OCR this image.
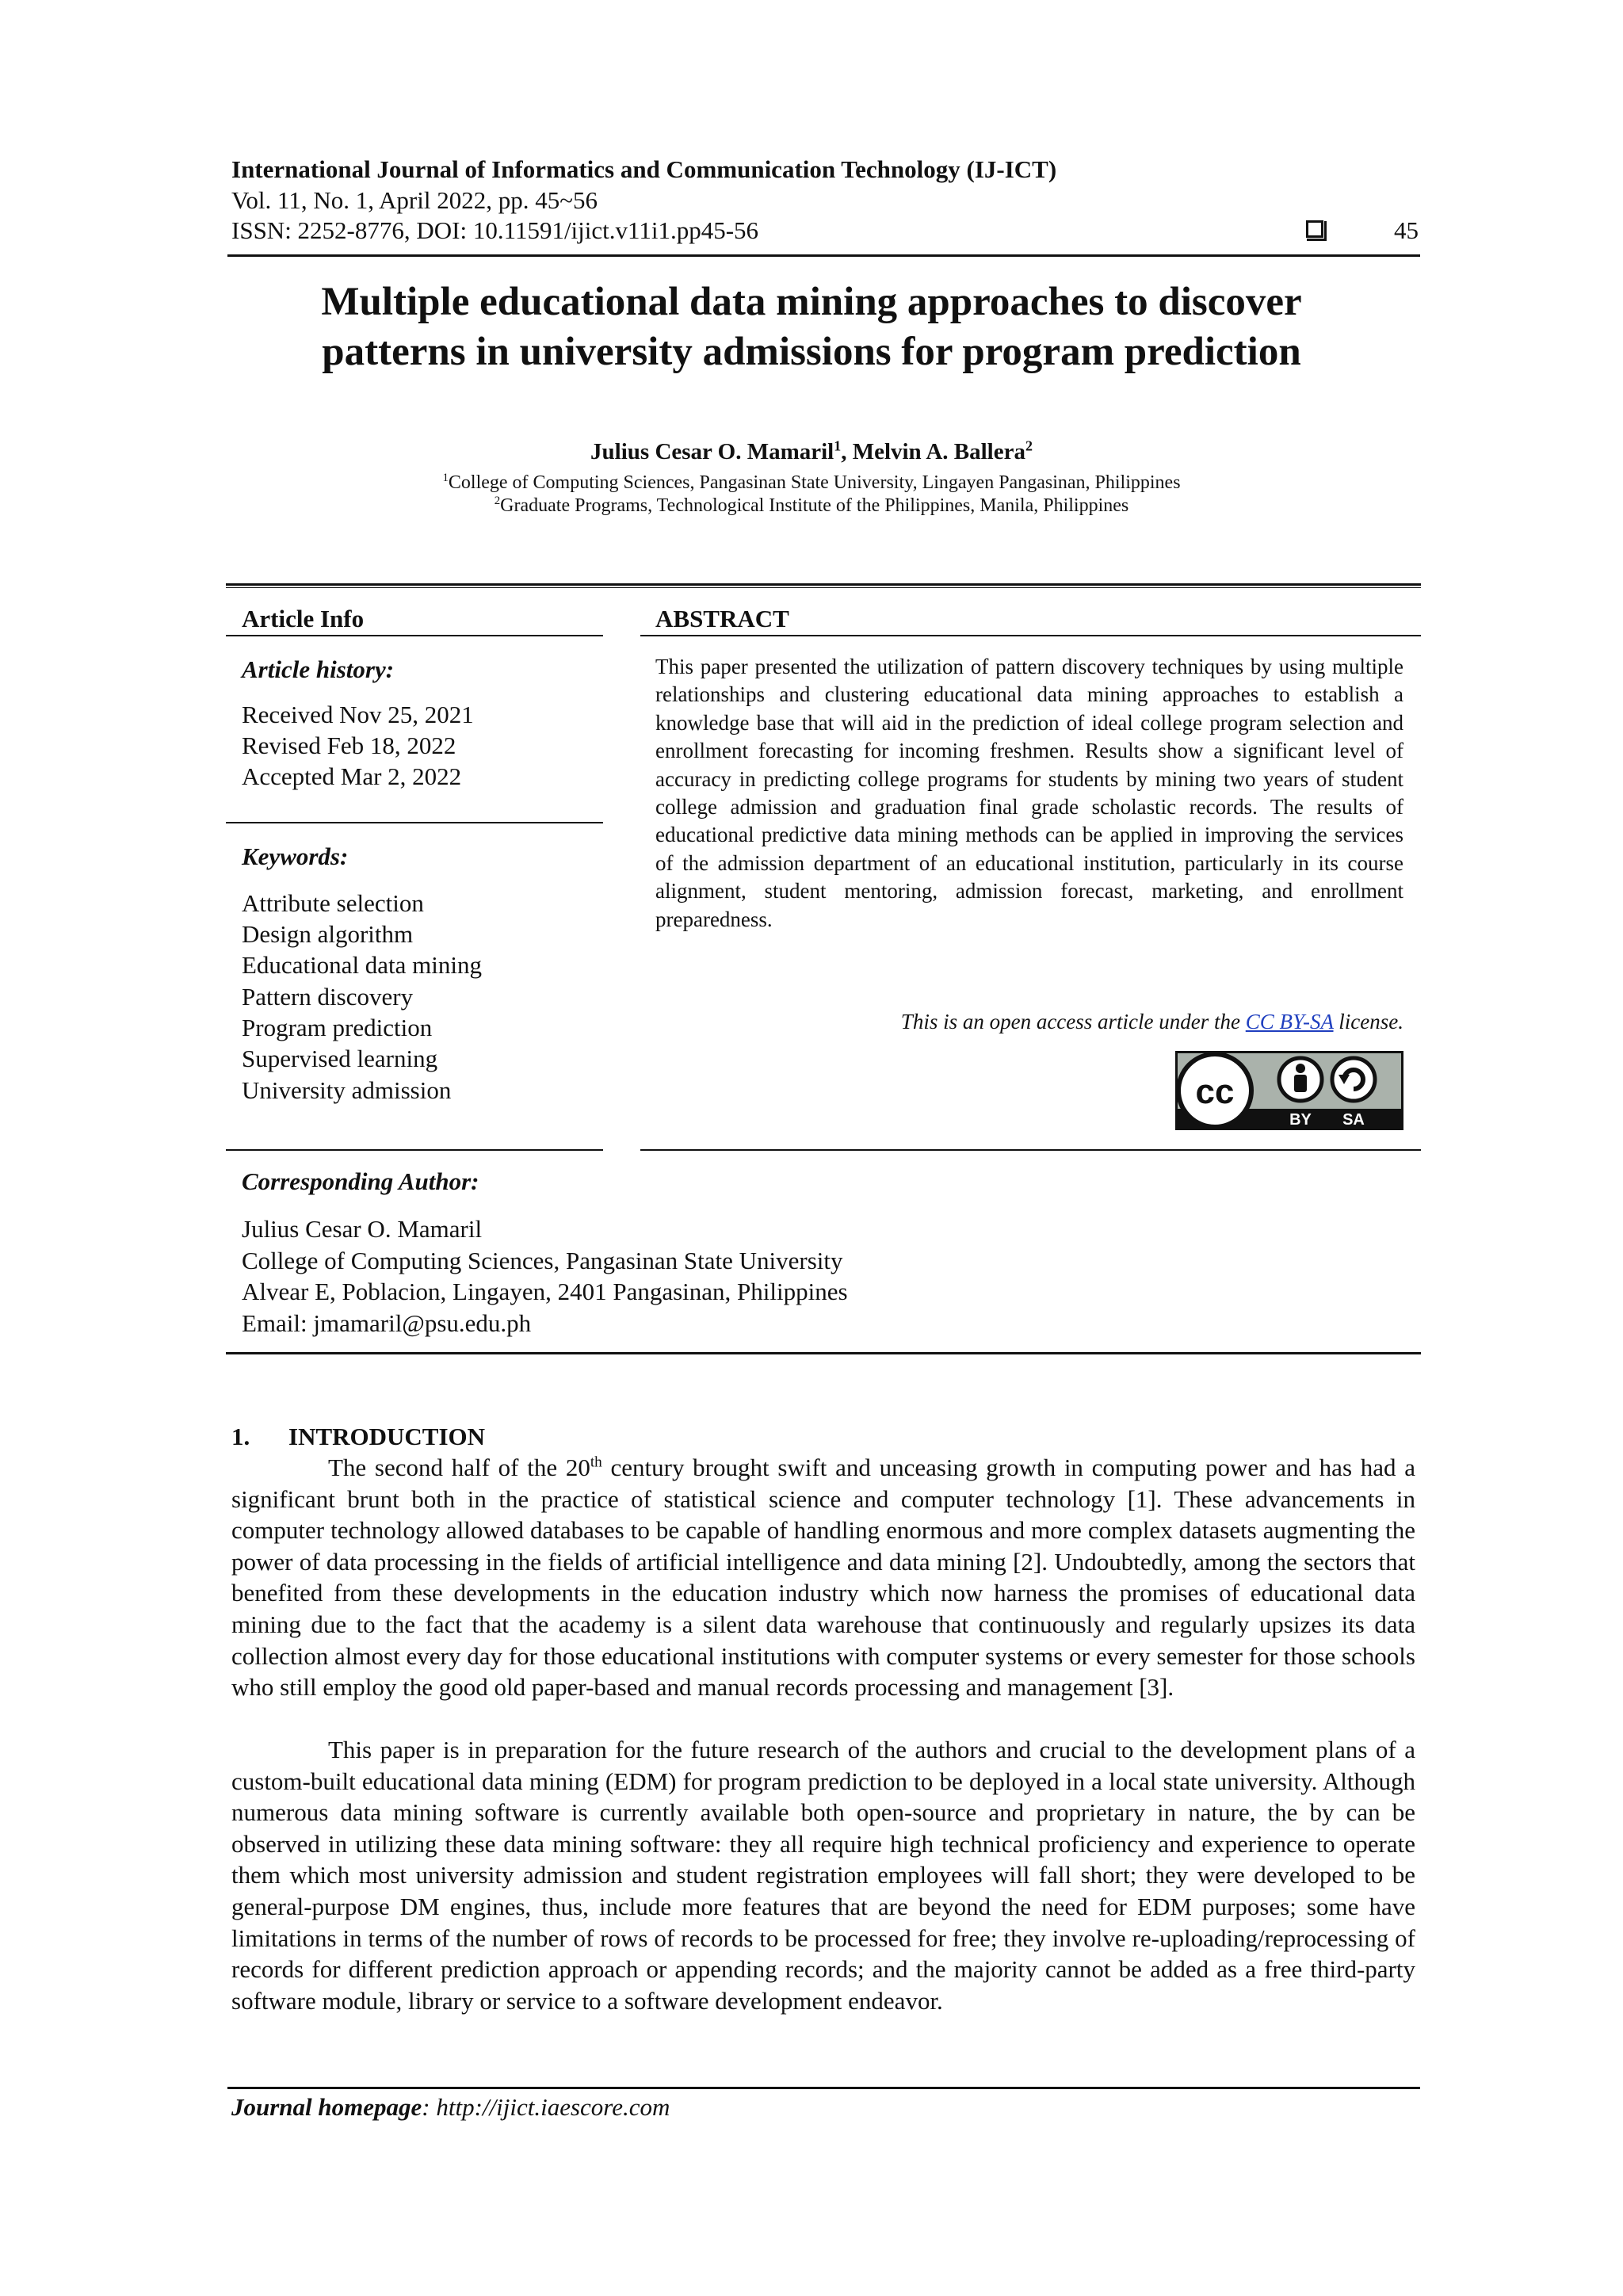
International Journal of Informatics and Communication Technology (IJ-ICT)
Vol. 11, No. 1, April 2022, pp. 45~56
ISSN: 2252-8776, DOI: 10.11591/ijict.v11i1.pp45-56	45
Multiple educational data mining approaches to discover
patterns in university admissions for program prediction
Julius Cesar O. Mamaril$^1$, Melvin A. Ballera$^2$
$^1$College of Computing Sciences, Pangasinan State University, Lingayen Pangasinan, Philippines
$^2$Graduate Programs, Technological Institute of the Philippines, Manila, Philippines
Article Info
Article history:
Received Nov 25, 2021
Revised Feb 18, 2022
Accepted Mar 2, 2022
Keywords:
Attribute selection
Design algorithm
Educational data mining
Pattern discovery
Program prediction
Supervised learning
University admission
ABSTRACT
This paper presented the utilization of pattern discovery techniques by using multiple relationships and clustering educational data mining approaches to establish a knowledge base that will aid in the prediction of ideal college program selection and enrollment forecasting for incoming freshmen. Results show a significant level of accuracy in predicting college programs for students by mining two years of student college admission and graduation final grade scholastic records. The results of educational predictive data mining methods can be applied in improving the services of the admission department of an educational institution, particularly in its course alignment, student mentoring, admission forecast, marketing, and enrollment preparedness.
This is an open access article under the CC BY-SA license.
cc
BY SA
Corresponding Author:
Julius Cesar O. Mamaril
College of Computing Sciences, Pangasinan State University
Alvear E, Poblacion, Lingayen, 2401 Pangasinan, Philippines
Email: jmamaril@psu.edu.ph
1. INTRODUCTION
The second half of the 20th century brought swift and unceasing growth in computing power and has had a significant brunt both in the practice of statistical science and computer technology [1]. These advancements in computer technology allowed databases to be capable of handling enormous and more complex datasets augmenting the power of data processing in the fields of artificial intelligence and data mining [2]. Undoubtedly, among the sectors that benefited from these developments in the education industry which now harness the promises of educational data mining due to the fact that the academy is a silent data warehouse that continuously and regularly upsizes its data collection almost every day for those educational institutions with computer systems or every semester for those schools who still employ the good old paper-based and manual records processing and management [3].
This paper is in preparation for the future research of the authors and crucial to the development plans of a custom-built educational data mining (EDM) for program prediction to be deployed in a local state university. Although numerous data mining software is currently available both open-source and proprietary in nature, the by can be observed in utilizing these data mining software: they all require high technical proficiency and experience to operate them which most university admission and student registration employees will fall short; they were developed to be general-purpose DM engines, thus, include more features that are beyond the need for EDM purposes; some have limitations in terms of the number of rows of records to be processed for free; they involve re-uploading/reprocessing of records for different prediction approach or appending records; and the majority cannot be added as a free third-party software module, library or service to a software development endeavor.
Journal homepage: http://ijict.iaescore.com
